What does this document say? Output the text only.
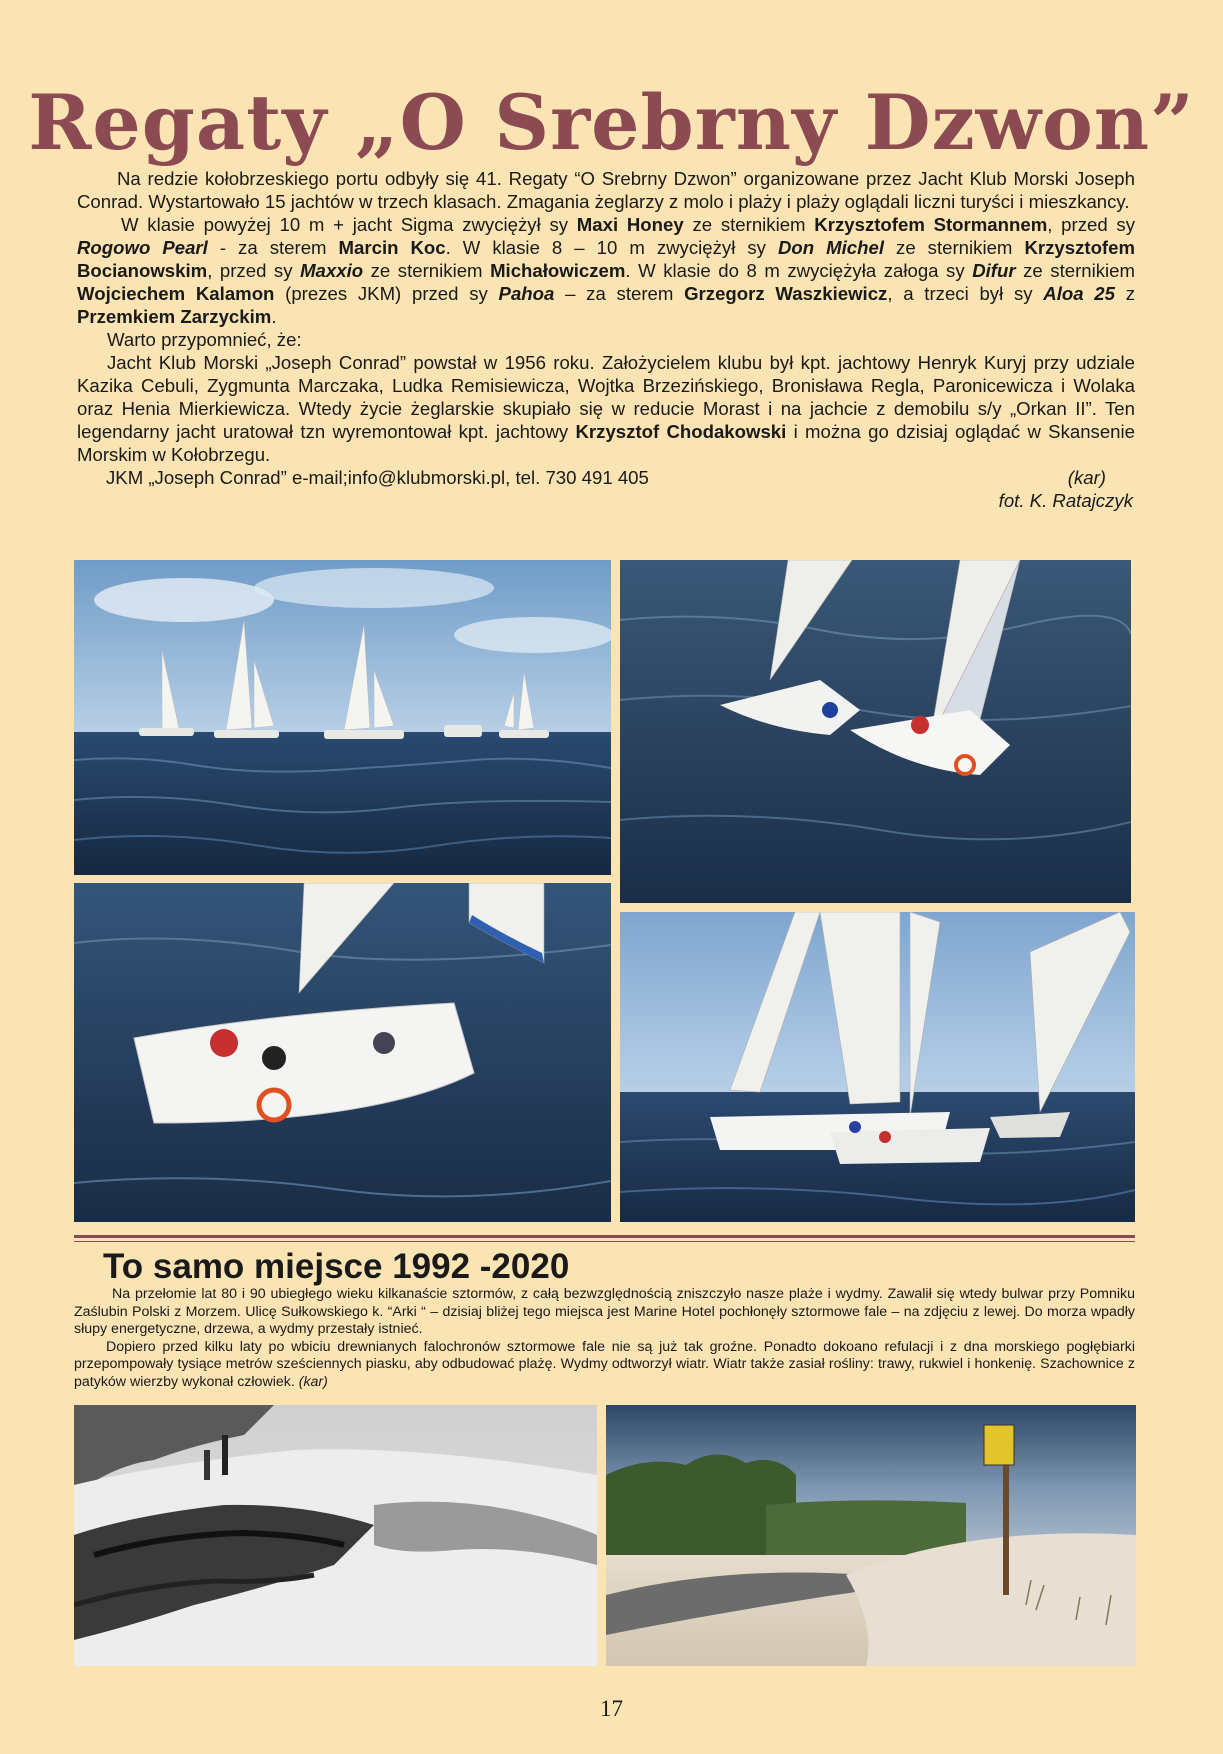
Regaty „O Srebrny Dzwon”

Na redzie kołobrzeskiego portu odbyły się 41. Regaty “O Srebrny Dzwon” organizowane przez Jacht Klub Morski Joseph Conrad. Wystartowało 15 jachtów w trzech klasach. Zmagania żeglarzy z molo i plaży i plaży oglądali liczni turyści i mieszkancy.

W klasie powyżej 10 m + jacht Sigma zwyciężył sy Maxi Honey ze sternikiem Krzysztofem Stormannem, przed sy Rogowo Pearl - za sterem Marcin Koc. W klasie 8 – 10 m zwyciężył sy Don Michel ze sternikiem Krzysztofem Bocianowskim, przed sy Maxxio ze sternikiem Michałowiczem. W klasie do 8 m zwyciężyła załoga sy Difur ze sternikiem Wojciechem Kalamon (prezes JKM) przed sy Pahoa – za sterem Grzegorz Waszkiewicz, a trzeci był sy Aloa 25 z Przemkiem Zarzyckim.

Warto przypomnieć, że:

Jacht Klub Morski „Joseph Conrad” powstał w 1956 roku. Założycielem klubu był kpt. jachtowy Henryk Kuryj przy udziale Kazika Cebuli, Zygmunta Marczaka, Ludka Remisiewicza, Wojtka Brzezińskiego, Bronisława Regla, Paronicewicza i Wolaka oraz Henia Mierkiewicza. Wtedy życie żeglarskie skupiało się w reducie Morast i na jachcie z demobilu s/y „Orkan II”. Ten legendarny jacht uratował tzn wyremontował kpt. jachtowy Krzysztof Chodakowski i można go dzisiaj oglądać w Skansenie Morskim w Kołobrzegu.

JKM „Joseph Conrad” e-mail;info@klubmorski.pl, tel. 730 491 405	(kar)

fot. K. Ratajczyk

To samo miejsce 1992 -2020

Na przełomie lat 80 i 90 ubiegłego wieku kilkanaście sztormów, z całą bezwzględnością zniszczyło nasze plaże i wydmy. Zawalił się wtedy bulwar przy Pomniku Zaślubin Polski z Morzem. Ulicę Sułkowskiego k. “Arki “ – dzisiaj bliżej tego miejsca jest Marine Hotel pochłonęły sztormowe fale – na zdjęciu z lewej. Do morza wpadły słupy energetyczne, drzewa, a wydmy przestały istnieć.

Dopiero przed kilku laty po wbiciu drewnianych falochronów sztormowe fale nie są już tak groźne. Ponadto dokoano refulacji i z dna morskiego pogłębiarki przepompowały tysiące metrów sześciennych piasku, aby odbudować plażę. Wydmy odtworzył wiatr. Wiatr także zasiał rośliny: trawy, rukwiel i honkenię. Szachownice z patyków wierzby wykonał człowiek. (kar)

17
